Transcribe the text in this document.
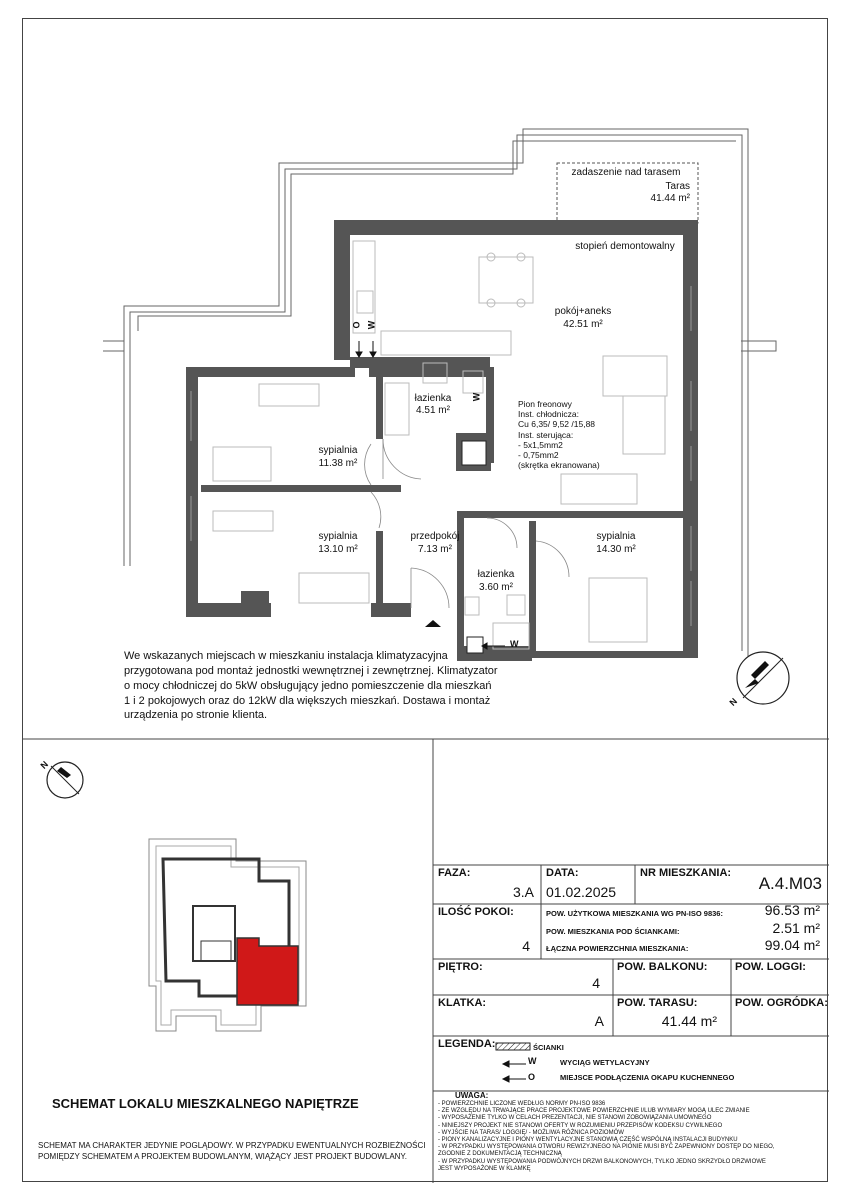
zadaszenie nad tarasem
Taras
41.44 m²
stopień demontowalny
pokój+aneks
42.51 m²
łazienka
4.51 m²
sypialnia
11.38 m²
sypialnia
13.10 m²
przedpokój
7.13 m²
łazienka
3.60 m²
sypialnia
14.30 m²
Pion freonowy
Inst. chłodnicza:
Cu 6,35/ 9,52 /15,88
Inst. sterująca:
- 5x1,5mm2
- 0,75mm2
(skrętka ekranowana)
O W
W
W
N
N
We wskazanych miejscach w mieszkaniu instalacja klimatyzacyjna
przygotowana pod montaż jednostki wewnętrznej i zewnętrznej. Klimatyzator
o mocy chłodniczej do 5kW obsługujący jedno pomieszczenie dla mieszkań
1 i 2 pokojowych oraz do 12kW dla większych mieszkań. Dostawa i montaż
urządzenia po stronie klienta.
SCHEMAT LOKALU MIESZKALNEGO NAPIĘTRZE
SCHEMAT MA CHARAKTER JEDYNIE POGLĄDOWY. W PRZYPADKU EWENTUALNYCH ROZBIEŻNOŚCI
POMIĘDZY SCHEMATEM A PROJEKTEM BUDOWLANYM, WIĄŻĄCY JEST PROJEKT BUDOWLANY.
FAZA:
3.A
DATA:
01.02.2025
NR MIESZKANIA:
A.4.M03
ILOŚĆ POKOI:
4
POW. UŻYTKOWA MIESZKANIA WG PN-ISO 9836:	96.53 m²
POW. MIESZKANIA POD ŚCIANKAMI:	2.51 m²
ŁĄCZNA POWIERZCHNIA MIESZKANIA:	99.04 m²
PIĘTRO:
4
POW. BALKONU:	POW. LOGGI:
KLATKA:
A
POW. TARASU:
41.44 m²
POW. OGRÓDKA:
LEGENDA:	ŚCIANKI
W	WYCIĄG WETYLACYJNY
O	MIEJSCE PODŁĄCZENIA OKAPU KUCHENNEGO
UWAGA:
- POWIERZCHNIE LICZONE WEDŁUG NORMY PN-ISO 9836
- ZE WZGLĘDU NA TRWAJĄCE PRACE PROJEKTOWE POWIERZCHNIE I/LUB WYMIARY MOGĄ ULEC ZMIANIE
- WYPOSAŻENIE TYLKO W CELACH PREZENTACJI, NIE STANOWI ZOBOWIĄZANIA UMOWNEGO
- NINIEJSZY PROJEKT NIE STANOWI OFERTY W ROZUMIENIU PRZEPISÓW KODEKSU CYWILNEGO
- WYJŚCIE NA TARAS/ LOGGIĘ/ - MOŻLIWA RÓŻNICA POZIOMÓW
- PIONY KANALIZACYJNE I PIONY WENTYLACYJNE STANOWIĄ CZĘŚĆ WSPÓLNĄ INSTALACJI BUDYNKU
- W PRZYPADKU WYSTĘPOWANIA OTWORU REWIZYJNEGO NA PIONIE MUSI BYĆ ZAPEWNIONY DOSTĘP DO NIEGO,
ZGODNIE Z DOKUMENTACJĄ TECHNICZNĄ
- W PRZYPADKU WYSTĘPOWANIA PODWÓJNYCH DRZWI BALKONOWYCH, TYLKO JEDNO SKRZYDŁO DRZWIOWE
JEST WYPOSAŻONE W KLAMKĘ
